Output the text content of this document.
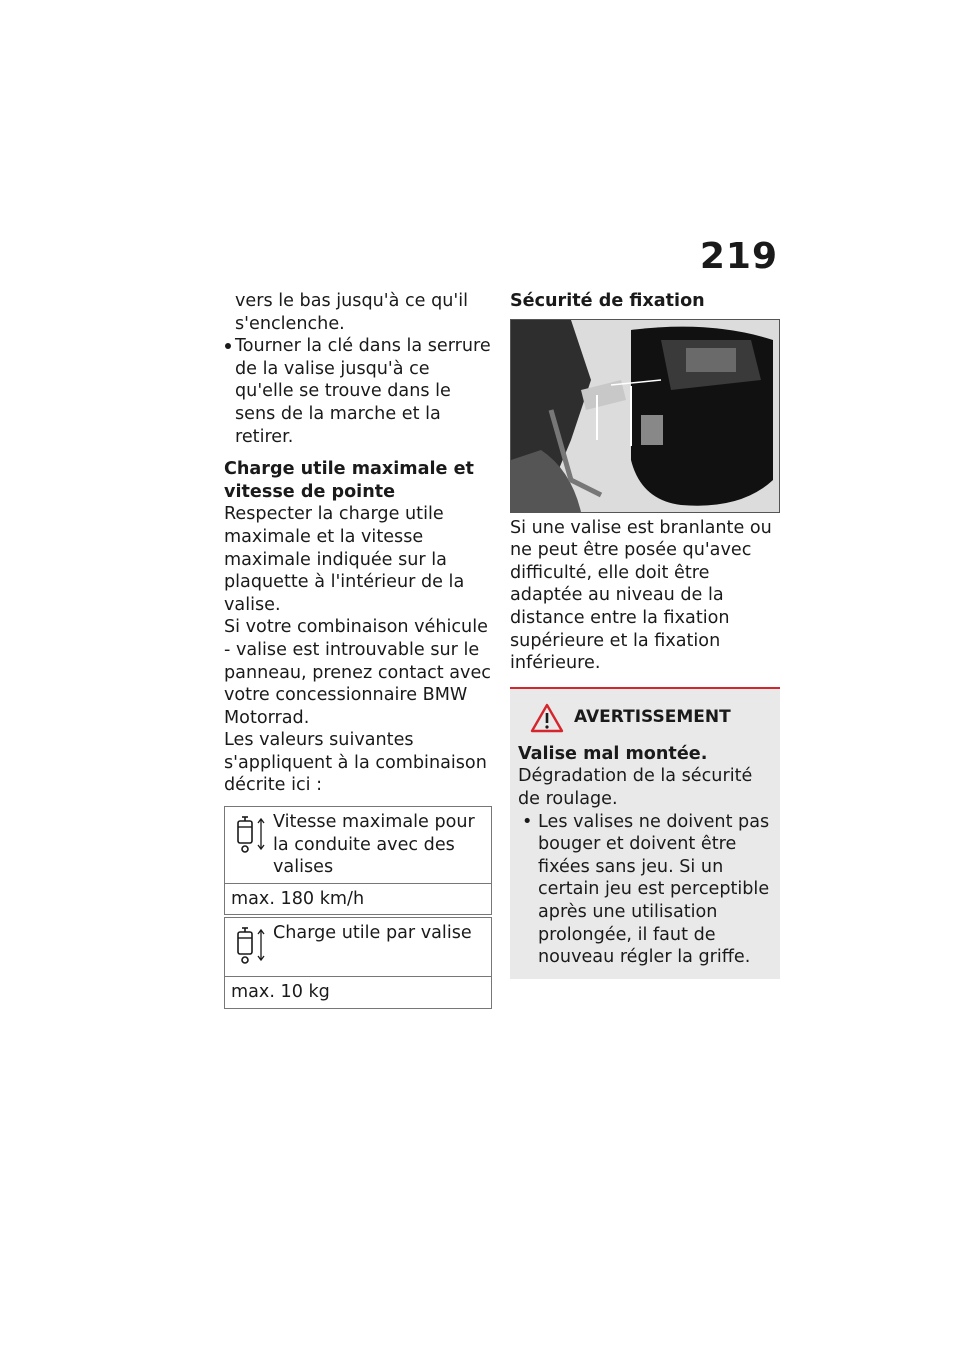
219

vers le bas jusqu'à ce qu'il

s'enclenche.

Tourner la clé dans la serrure de la valise jusqu'à ce qu'elle se trouve dans le sens de la marche et la retirer.

Charge utile maximale et vitesse de pointe

Respecter la charge utile maximale et la vitesse maximale indiquée sur la plaquette à l'intérieur de la valise.

Si votre combinaison véhicule - valise est introuvable sur le panneau, prenez contact avec votre concessionnaire BMW Motorrad.

Les valeurs suivantes s'appliquent à la combinaison décrite ici :

Vitesse maximale pour la conduite avec des valises
max. 180 km/h
Charge utile par valise
max. 10 kg

Sécurité de fixation

Si une valise est branlante ou ne peut être posée qu'avec difficulté, elle doit être adaptée au niveau de la distance entre la fixation supérieure et la fixation inférieure.

AVERTISSEMENT

Valise mal montée.

Dégradation de la sécurité de roulage.

• Les valises ne doivent pas bouger et doivent être fixées sans jeu. Si un certain jeu est perceptible après une utilisation prolongée, il faut de nouveau régler la griffe.
